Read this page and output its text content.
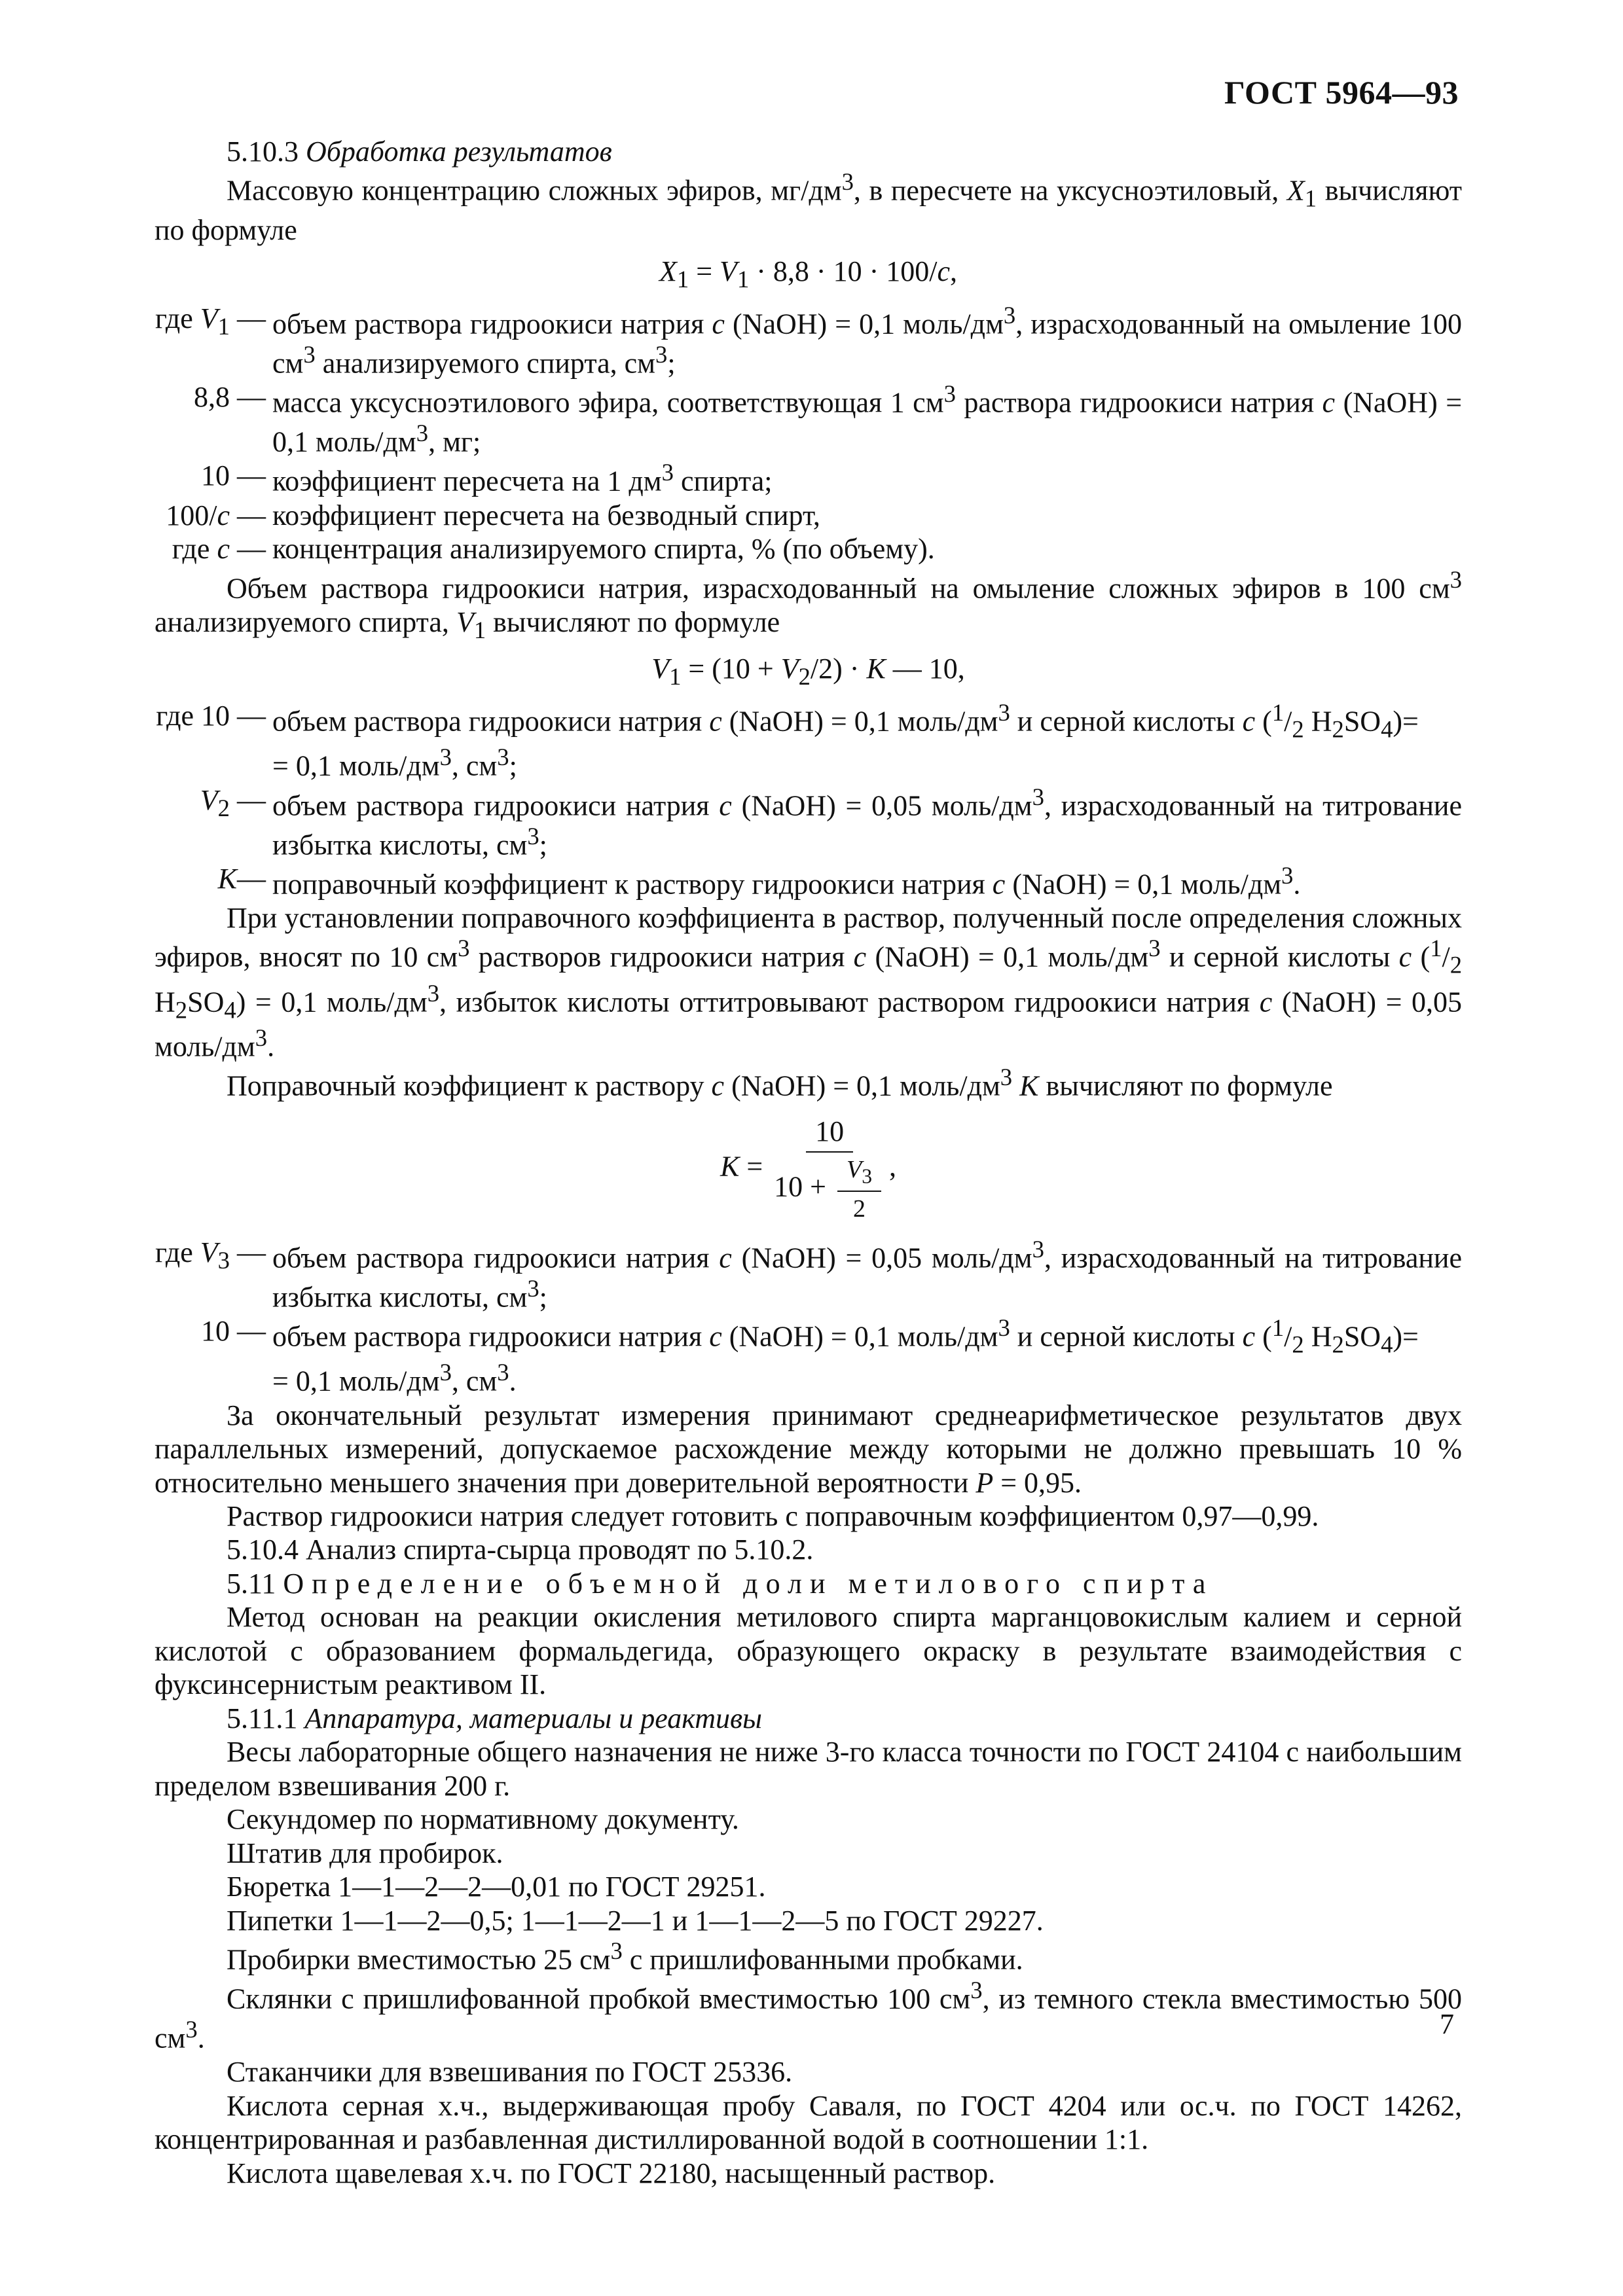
ГОСТ 5964—93

5.10.3 Обработка результатов

Массовую концентрацию сложных эфиров, $мг/дм^3$, в пересчете на уксусноэтиловый, $X_1$ вычисляют по формуле

$X_1 = V_1 \cdot 8,8 \cdot 10 \cdot 100/c$,
где $V_1$ — объем раствора гидроокиси натрия c (NaOH) = 0,1 моль/$дм^3$, израсходованный на омыление 100 $см^3$ анализируемого спирта, $см^3$;
8,8 — масса уксусноэтилового эфира, соответствующая 1 $см^3$ раствора гидроокиси натрия c (NaOH) = 0,1 моль/$дм^3$, мг;
10 — коэффициент пересчета на 1 $дм^3$ спирта;
100/c — коэффициент пересчета на безводный спирт,
где c — концентрация анализируемого спирта, % (по объему).

Объем раствора гидроокиси натрия, израсходованный на омыление сложных эфиров в 100 $см^3$ анализируемого спирта, $V_1$ вычисляют по формуле

$V_1 = (10 + V_2/2) \cdot K$ — 10,
где 10 — объем раствора гидроокиси натрия c (NaOH) = 0,1 моль/$дм^3$ и серной кислоты c ($^1/_2$ $H_2SO_4)=$
= 0,1 моль/$дм^3$, $см^3$;
$V_2$ — объем раствора гидроокиси натрия c (NaOH) = 0,05 моль/$дм^3$, израсходованный на титрование избытка кислоты, $см^3$;
K— поправочный коэффициент к раствору гидроокиси натрия c (NaOH) = 0,1 моль/$дм^3$.

При установлении поправочного коэффициента в раствор, полученный после определения сложных эфиров, вносят по 10 $см^3$ растворов гидроокиси натрия c (NaOH) = 0,1 моль/$дм^3$ и серной кислоты c ($^1/_2$ $H_2SO_4) = 0,1$ моль/$дм^3$, избыток кислоты оттитровывают раствором гидроокиси натрия c (NaOH) = 0,05 моль/$дм^3$.

Поправочный коэффициент к раствору c (NaOH) = 0,1 моль/$дм^3$ K вычисляют по формуле

$K = \frac{10}{10 + \frac{V_3}{2}}$ ,
где $V_3$ — объем раствора гидроокиси натрия c (NaOH) = 0,05 моль/$дм^3$, израсходованный на титрование избытка кислоты, $см^3$;
10 — объем раствора гидроокиси натрия c (NaOH) = 0,1 моль/$дм^3$ и серной кислоты c ($^1/_2$ $H_2SO_4)=$
= 0,1 моль/$дм^3$, $см^3$.

За окончательный результат измерения принимают среднеарифметическое результатов двух параллельных измерений, допускаемое расхождение между которыми не должно превышать 10 % относительно меньшего значения при доверительной вероятности P = 0,95.

Раствор гидроокиси натрия следует готовить с поправочным коэффициентом 0,97—0,99.

5.10.4 Анализ спирта-сырца проводят по 5.10.2.

5.11 Определение объемной доли метилового спирта

Метод основан на реакции окисления метилового спирта марганцовокислым калием и серной кислотой с образованием формальдегида, образующего окраску в результате взаимодействия с фуксинсернистым реактивом II.

5.11.1 Аппаратура, материалы и реактивы

Весы лабораторные общего назначения не ниже 3-го класса точности по ГОСТ 24104 с наибольшим пределом взвешивания 200 г.

Секундомер по нормативному документу.

Штатив для пробирок.

Бюретка 1—1—2—2—0,01 по ГОСТ 29251.

Пипетки 1—1—2—0,5; 1—1—2—1 и 1—1—2—5 по ГОСТ 29227.

Пробирки вместимостью 25 $см^3$ с пришлифованными пробками.

Склянки с пришлифованной пробкой вместимостью 100 $см^3$, из темного стекла вместимостью 500 $см^3$.

Стаканчики для взвешивания по ГОСТ 25336.

Кислота серная х.ч., выдерживающая пробу Саваля, по ГОСТ 4204 или ос.ч. по ГОСТ 14262, концентрированная и разбавленная дистиллированной водой в соотношении 1:1.

Кислота щавелевая х.ч. по ГОСТ 22180, насыщенный раствор.

7
